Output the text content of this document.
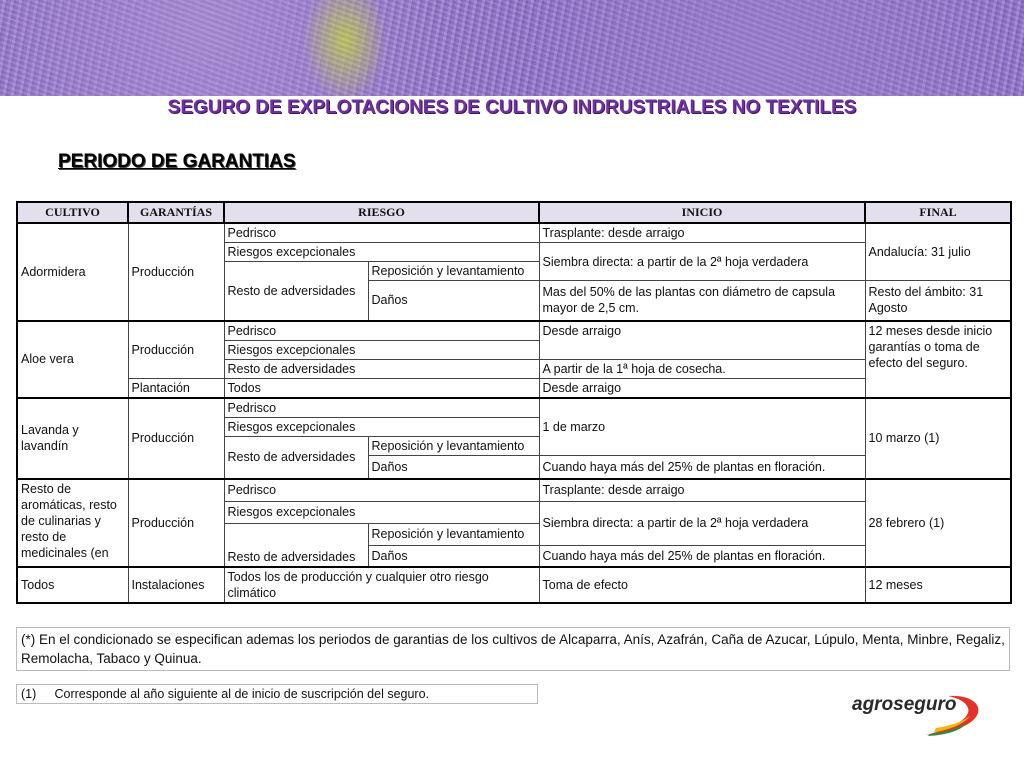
SEGURO DE EXPLOTACIONES DE CULTIVO INDRUSTRIALES NO TEXTILES
PERIODO DE GARANTIAS
CULTIVO	GARANTÍAS	RIESGO		INICIO	FINAL
Adormidera	Producción	Pedrisco		Trasplante: desde arraigo	Andalucía: 31 julio
		Riesgos excepcionales		Siembra directa: a partir de la 2ª hoja verdadera	
		Resto de adversidades	Reposición y levantamiento		
			Daños	Mas del 50% de las plantas con diámetro de capsula mayor de 2,5 cm.	Resto del ámbito: 31 Agosto
Aloe vera	Producción	Pedrisco		Desde arraigo	12 meses desde inicio garantías o toma de efecto del seguro.
		Riesgos excepcionales			
		Resto de adversidades		A partir de la 1ª hoja de cosecha.	
	Plantación	Todos		Desde arraigo	
Lavanda y lavandín	Producción	Pedrisco		1 de marzo	10 marzo (1)
		Riesgos excepcionales			
		Resto de adversidades	Reposición y levantamiento		
			Daños	Cuando haya más del 25% de plantas en floración.	
Resto de aromáticas, resto de culinarias y resto de medicinales (en	Producción	Pedrisco		Trasplante: desde arraigo	28 febrero (1)
		Riesgos excepcionales		Siembra directa: a partir de la 2ª hoja verdadera	
		Resto de adversidades	Reposición y levantamiento		
			Daños	Cuando haya más del 25% de plantas en floración.	
Todos	Instalaciones	Todos los de producción y cualquier otro riesgo climático		Toma de efecto	12 meses
(*) En el condicionado se especifican ademas los periodos de garantias de los cultivos de Alcaparra, Anís, Azafrán, Caña de Azucar, Lúpulo, Menta, Minbre, Regaliz, Remolacha, Tabaco y Quinua.
(1) Corresponde al año siguiente al de inicio de suscripción del seguro.	agroseguro
